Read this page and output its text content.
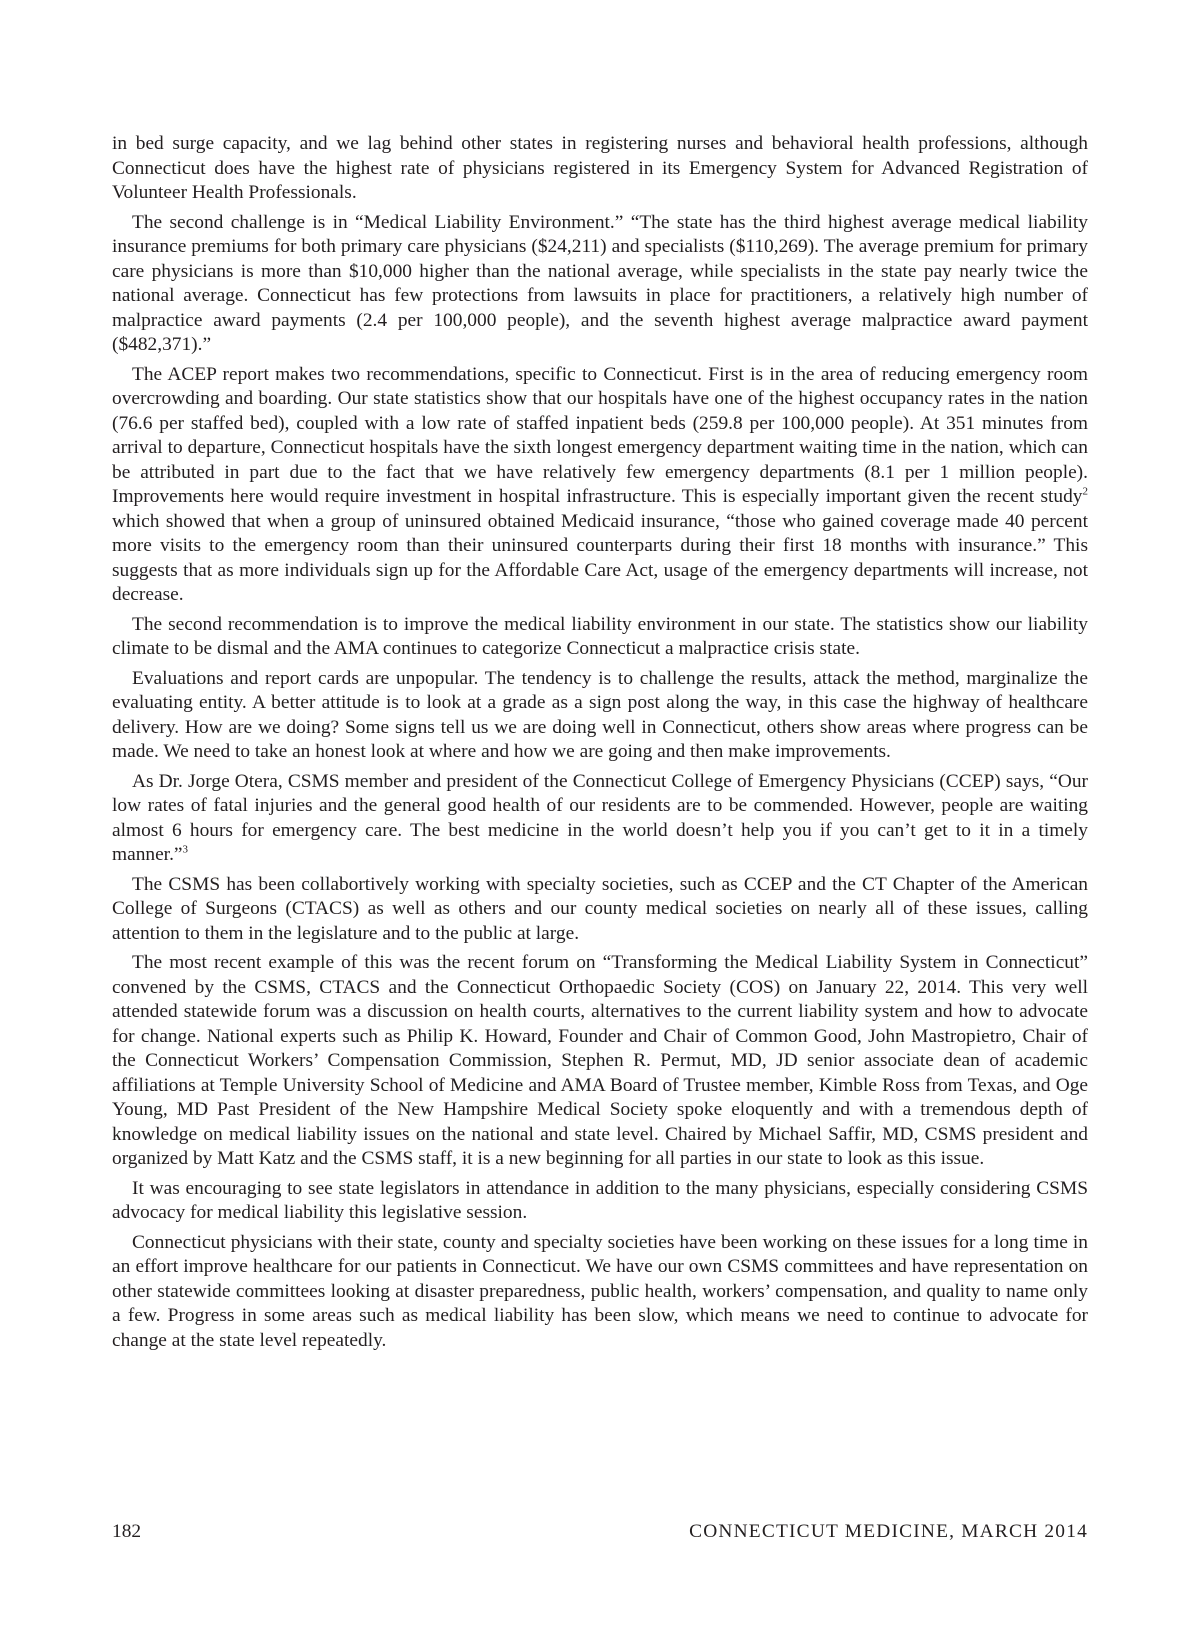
in bed surge capacity, and we lag behind other states in registering nurses and behavioral health professions, although Connecticut does have the highest rate of physicians registered in its Emergency System for Advanced Registration of Volunteer Health Professionals.

The second challenge is in “Medical Liability Environment.” “The state has the third highest average medical liability insurance premiums for both primary care physicians ($24,211) and specialists ($110,269). The average premium for primary care physicians is more than $10,000 higher than the national average, while specialists in the state pay nearly twice the national average. Connecticut has few protections from lawsuits in place for practitioners, a relatively high number of malpractice award payments (2.4 per 100,000 people), and the seventh highest average malpractice award payment ($482,371).”

The ACEP report makes two recommendations, specific to Connecticut. First is in the area of reducing emergency room overcrowding and boarding. Our state statistics show that our hospitals have one of the highest occupancy rates in the nation (76.6 per staffed bed), coupled with a low rate of staffed inpatient beds (259.8 per 100,000 people). At 351 minutes from arrival to departure, Connecticut hospitals have the sixth longest emergency department waiting time in the nation, which can be attributed in part due to the fact that we have relatively few emergency departments (8.1 per 1 million people). Improvements here would require investment in hospital infrastructure. This is especially important given the recent study$^2$ which showed that when a group of uninsured obtained Medicaid insurance, “those who gained coverage made 40 percent more visits to the emergency room than their uninsured counterparts during their first 18 months with insurance.” This suggests that as more individuals sign up for the Affordable Care Act, usage of the emergency departments will increase, not decrease.

The second recommendation is to improve the medical liability environment in our state. The statistics show our liability climate to be dismal and the AMA continues to categorize Connecticut a malpractice crisis state.

Evaluations and report cards are unpopular. The tendency is to challenge the results, attack the method, marginalize the evaluating entity. A better attitude is to look at a grade as a sign post along the way, in this case the highway of healthcare delivery. How are we doing? Some signs tell us we are doing well in Connecticut, others show areas where progress can be made. We need to take an honest look at where and how we are going and then make improvements.

As Dr. Jorge Otera, CSMS member and president of the Connecticut College of Emergency Physicians (CCEP) says, “Our low rates of fatal injuries and the general good health of our residents are to be commended. However, people are waiting almost 6 hours for emergency care. The best medicine in the world doesn’t help you if you can’t get to it in a timely manner.”$^3$

The CSMS has been collabortively working with specialty societies, such as CCEP and the CT Chapter of the American College of Surgeons (CTACS) as well as others and our county medical societies on nearly all of these issues, calling attention to them in the legislature and to the public at large.

The most recent example of this was the recent forum on “Transforming the Medical Liability System in Connecticut” convened by the CSMS, CTACS and the Connecticut Orthopaedic Society (COS) on January 22, 2014. This very well attended statewide forum was a discussion on health courts, alternatives to the current liability system and how to advocate for change. National experts such as Philip K. Howard, Founder and Chair of Common Good, John Mastropietro, Chair of the Connecticut Workers’ Compensation Commission, Stephen R. Permut, MD, JD senior associate dean of academic affiliations at Temple University School of Medicine and AMA Board of Trustee member, Kimble Ross from Texas, and Oge Young, MD Past President of the New Hampshire Medical Society spoke eloquently and with a tremendous depth of knowledge on medical liability issues on the national and state level. Chaired by Michael Saffir, MD, CSMS president and organized by Matt Katz and the CSMS staff, it is a new beginning for all parties in our state to look as this issue.

It was encouraging to see state legislators in attendance in addition to the many physicians, especially considering CSMS advocacy for medical liability this legislative session.

Connecticut physicians with their state, county and specialty societies have been working on these issues for a long time in an effort improve healthcare for our patients in Connecticut. We have our own CSMS committees and have representation on other statewide committees looking at disaster preparedness, public health, workers’ compensation, and quality to name only a few. Progress in some areas such as medical liability has been slow, which means we need to continue to advocate for change at the state level repeatedly.

182	CONNECTICUT MEDICINE, MARCH 2014
